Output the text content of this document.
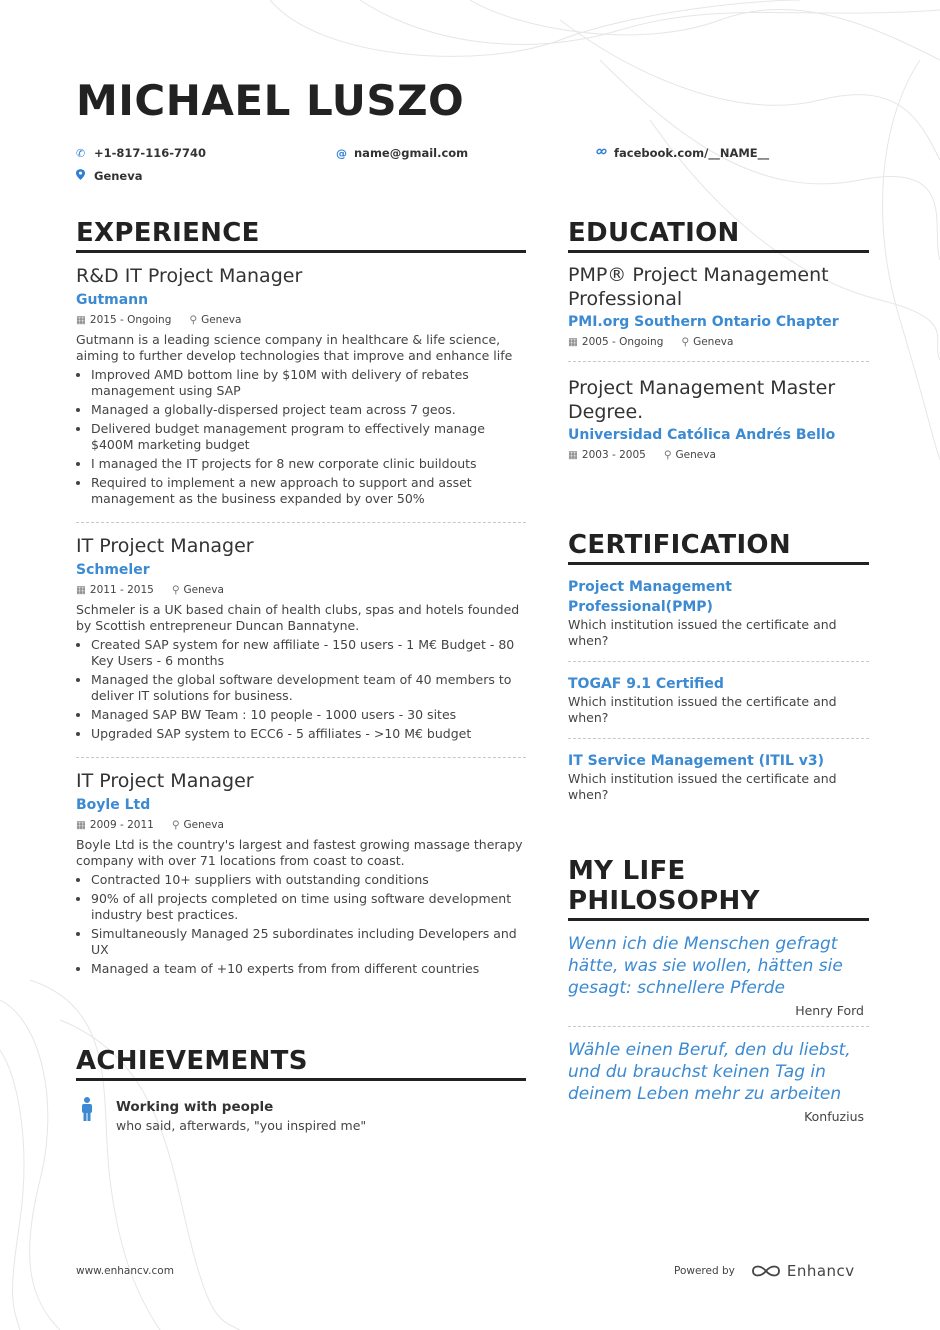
MICHAEL LUSZO
✆ +1-817-116-7740	@ name@gmail.com	facebook.com/__NAME__
Geneva
EXPERIENCE
R&D IT Project Manager
Gutmann
▦ 2015 - Ongoing ⚲ Geneva
Gutmann is a leading science company in healthcare & life science, aiming to further develop technologies that improve and enhance life
• Improved AMD bottom line by $10M with delivery of rebates management using SAP
• Managed a globally-dispersed project team across 7 geos.
• Delivered budget management program to effectively manage $400M marketing budget
• I managed the IT projects for 8 new corporate clinic buildouts
• Required to implement a new approach to support and asset management as the business expanded by over 50%
IT Project Manager
Schmeler
▦ 2011 - 2015 ⚲ Geneva
Schmeler is a UK based chain of health clubs, spas and hotels founded by Scottish entrepreneur Duncan Bannatyne.
• Created SAP system for new affiliate - 150 users - 1 M€ Budget - 80 Key Users - 6 months
• Managed the global software development team of 40 members to deliver IT solutions for business.
• Managed SAP BW Team : 10 people - 1000 users - 30 sites
• Upgraded SAP system to ECC6 - 5 affiliates - >10 M€ budget
IT Project Manager
Boyle Ltd
▦ 2009 - 2011 ⚲ Geneva
Boyle Ltd is the country's largest and fastest growing massage therapy company with over 71 locations from coast to coast.
• Contracted 10+ suppliers with outstanding conditions
• 90% of all projects completed on time using software development industry best practices.
• Simultaneously Managed 25 subordinates including Developers and UX
• Managed a team of +10 experts from from different countries
ACHIEVEMENTS
Working with people
who said, afterwards, "you inspired me"
EDUCATION
PMP® Project Management Professional
PMI.org Southern Ontario Chapter
▦ 2005 - Ongoing ⚲ Geneva
Project Management Master Degree.
Universidad Católica Andrés Bello
▦ 2003 - 2005 ⚲ Geneva
CERTIFICATION
Project Management Professional(PMP)
Which institution issued the certificate and when?
TOGAF 9.1 Certified
Which institution issued the certificate and when?
IT Service Management (ITIL v3)
Which institution issued the certificate and when?
MY LIFE PHILOSOPHY
Wenn ich die Menschen gefragt hätte, was sie wollen, hätten sie gesagt: schnellere Pferde
Henry Ford
Wähle einen Beruf, den du liebst, und du brauchst keinen Tag in deinem Leben mehr zu arbeiten
Konfuzius
www.enhancv.com	Powered by	Enhancv
